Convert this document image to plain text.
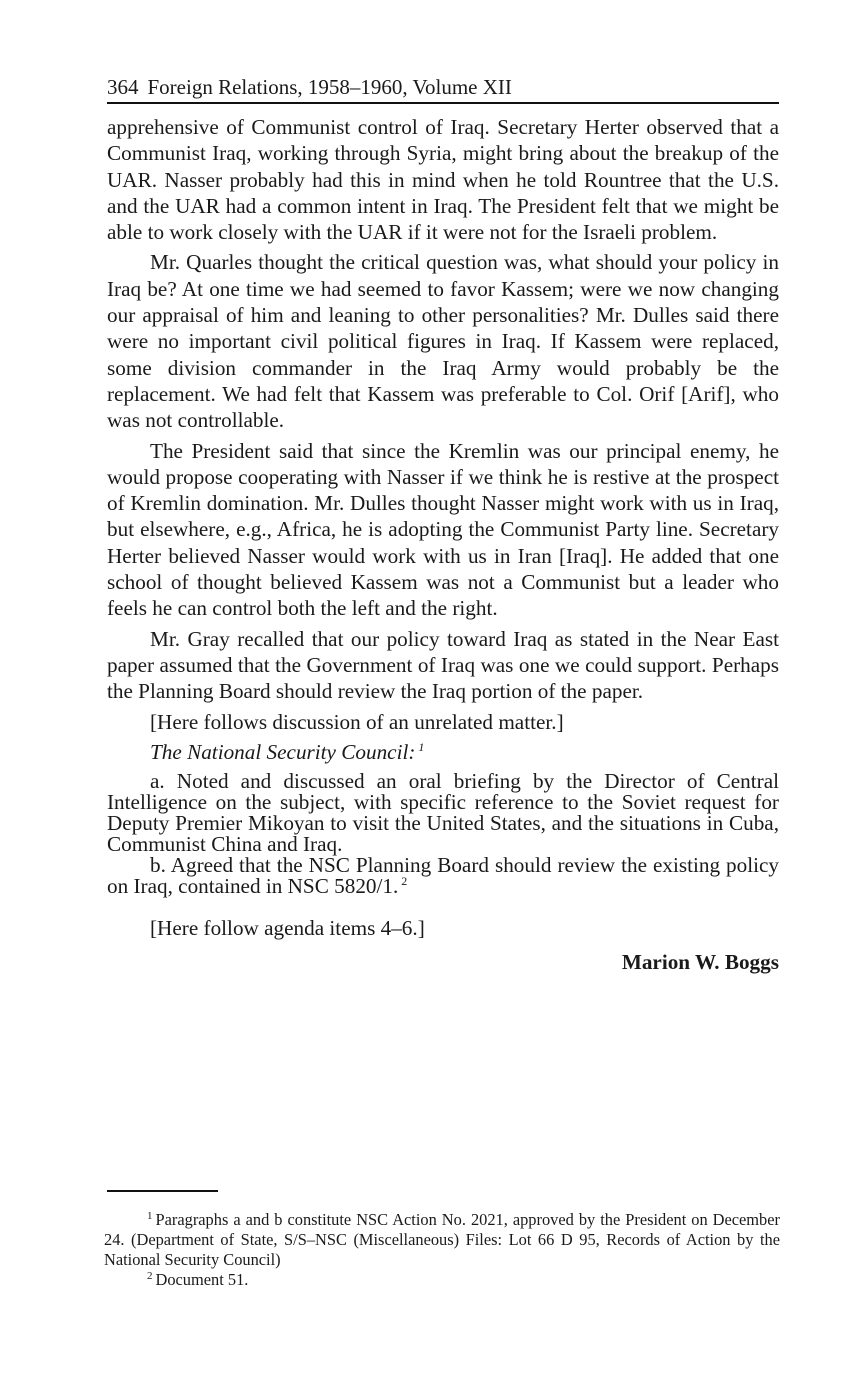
364 Foreign Relations, 1958–1960, Volume XII

apprehensive of Communist control of Iraq. Secretary Herter observed that a Communist Iraq, working through Syria, might bring about the breakup of the UAR. Nasser probably had this in mind when he told Rountree that the U.S. and the UAR had a common intent in Iraq. The President felt that we might be able to work closely with the UAR if it were not for the Israeli problem.

Mr. Quarles thought the critical question was, what should your policy in Iraq be? At one time we had seemed to favor Kassem; were we now changing our appraisal of him and leaning to other personalities? Mr. Dulles said there were no important civil political figures in Iraq. If Kassem were replaced, some division commander in the Iraq Army would probably be the replacement. We had felt that Kassem was preferable to Col. Orif [Arif], who was not controllable.

The President said that since the Kremlin was our principal enemy, he would propose cooperating with Nasser if we think he is restive at the prospect of Kremlin domination. Mr. Dulles thought Nasser might work with us in Iraq, but elsewhere, e.g., Africa, he is adopting the Communist Party line. Secretary Herter believed Nasser would work with us in Iran [Iraq]. He added that one school of thought believed Kassem was not a Communist but a leader who feels he can control both the left and the right.

Mr. Gray recalled that our policy toward Iraq as stated in the Near East paper assumed that the Government of Iraq was one we could support. Perhaps the Planning Board should review the Iraq portion of the paper.

[Here follows discussion of an unrelated matter.]

The National Security Council: $^1$

a. Noted and discussed an oral briefing by the Director of Central Intelligence on the subject, with specific reference to the Soviet request for Deputy Premier Mikoyan to visit the United States, and the situations in Cuba, Communist China and Iraq.

b. Agreed that the NSC Planning Board should review the existing policy on Iraq, contained in NSC 5820/1. $^2$

[Here follow agenda items 4–6.]
Marion W. Boggs

$^1$ Paragraphs a and b constitute NSC Action No. 2021, approved by the President on December 24. (Department of State, S/S–NSC (Miscellaneous) Files: Lot 66 D 95, Records of Action by the National Security Council)

$^2$ Document 51.
